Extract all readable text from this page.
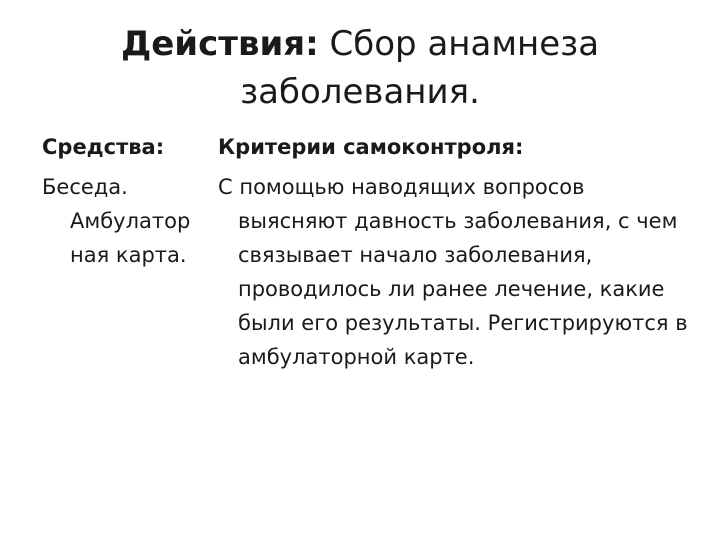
Действия: Сбор анамнеза заболевания.

Средства:

Беседа. Амбулатор ная карта.

Критерии самоконтроля:

С помощью наводящих вопросов выясняют давность заболевания, с чем связывает начало заболевания, проводилось ли ранее лечение, какие были его результаты. Регистрируются в амбулаторной карте.
